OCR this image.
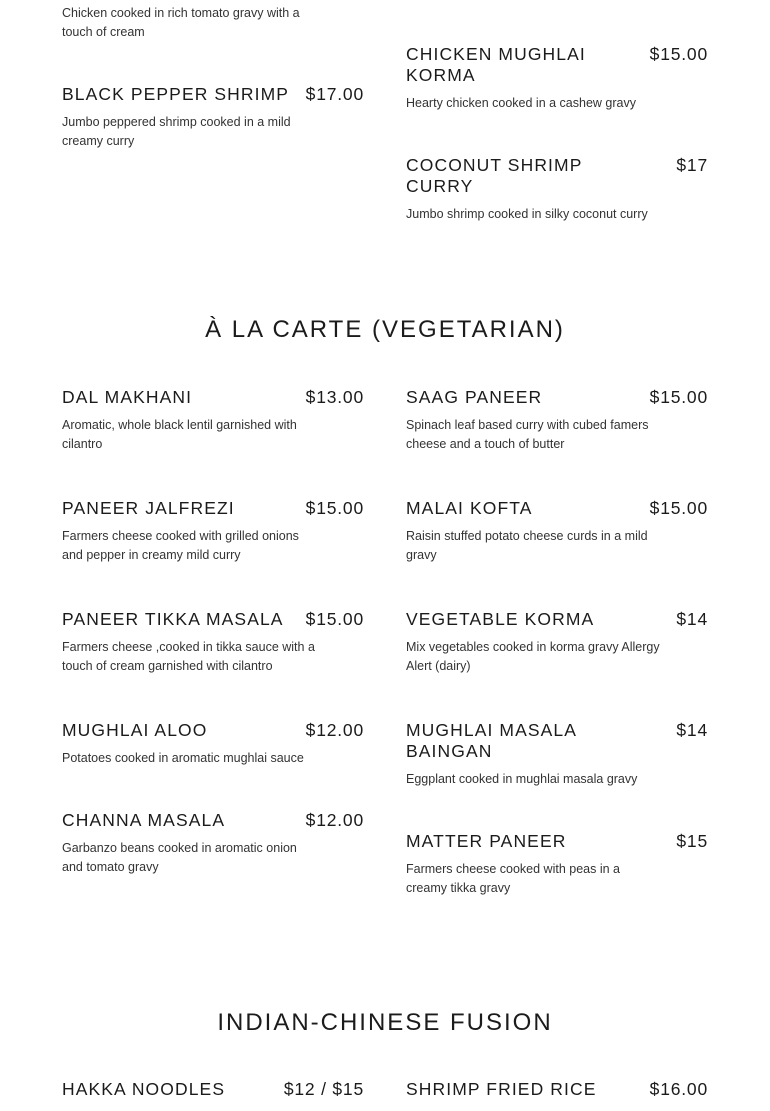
Chicken cooked in rich tomato gravy with a touch of cream
BLACK PEPPER SHRIMP $17.00
Jumbo peppered shrimp cooked in a mild creamy curry
CHICKEN MUGHLAI KORMA
$15.00
Hearty chicken cooked in a cashew gravy
COCONUT SHRIMP CURRY
$17
Jumbo shrimp cooked in silky coconut curry
À LA CARTE (VEGETARIAN)
DAL MAKHANI	$13.00
Aromatic, whole black lentil garnished with cilantro
PANEER JALFREZI	$15.00
Farmers cheese cooked with grilled onions and pepper in creamy mild curry
PANEER TIKKA MASALA $15.00
Farmers cheese ,cooked in tikka sauce with a touch of cream garnished with cilantro
MUGHLAI ALOO	$12.00
Potatoes cooked in aromatic mughlai sauce
CHANNA MASALA	$12.00
Garbanzo beans cooked in aromatic onion and tomato gravy
SAAG PANEER	$15.00
Spinach leaf based curry with cubed famers cheese and a touch of butter
MALAI KOFTA	$15.00
Raisin stuffed potato cheese curds in a mild gravy
VEGETABLE KORMA	$14
Mix vegetables cooked in korma gravy Allergy Alert (dairy)
MUGHLAI MASALA BAINGAN
$14
Eggplant cooked in mughlai masala gravy
MATTER PANEER	$15
Farmers cheese cooked with peas in a creamy tikka gravy
INDIAN-CHINESE FUSION
HAKKA NOODLES	$12 / $15 SHRIMP FRIED RICE	$16.00
